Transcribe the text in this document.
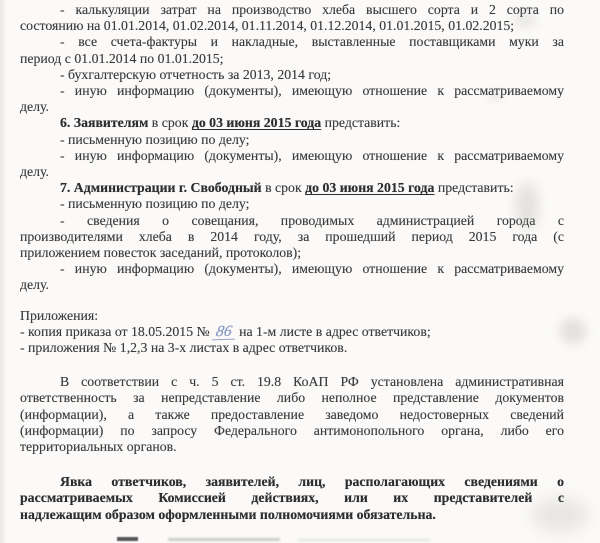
- калькуляции затрат на производство хлеба высшего сорта и 2 сорта по
состоянию на 01.01.2014, 01.02.2014, 01.11.2014, 01.12.2014, 01.01.2015, 01.02.2015;
- все счета-фактуры и накладные, выставленные поставщиками муки за
период с 01.01.2014 по 01.01.2015;
- бухгалтерскую отчетность за 2013, 2014 год;
- иную информацию (документы), имеющую отношение к рассматриваемому
делу.
6. Заявителям в срок до 03 июня 2015 года представить:
- письменную позицию по делу;
- иную информацию (документы), имеющую отношение к рассматриваемому
делу.
7. Администрации г. Свободный в срок до 03 июня 2015 года представить:
- письменную позицию по делу;
- сведения о совещания, проводимых администрацией города с
производителями хлеба в 2014 году, за прошедший период 2015 года (с
приложением повесток заседаний, протоколов);
- иную информацию (документы), имеющую отношение к рассматриваемому
делу.
Приложения:
- копия приказа от 18.05.2015 № 86 на 1-м листе в адрес ответчиков;
- приложения № 1,2,3 на 3-х листах в адрес ответчиков.
В соответствии с ч. 5 ст. 19.8 КоАП РФ установлена административная
ответственность за непредставление либо неполное представление документов
(информации), а также предоставление заведомо недостоверных сведений
(информации) по запросу Федерального антимонопольного органа, либо его
территориальных органов.
Явка ответчиков, заявителей, лиц, располагающих сведениями о
рассматриваемых Комиссией действиях, или их представителей с
надлежащим образом оформленными полномочиями обязательна.
